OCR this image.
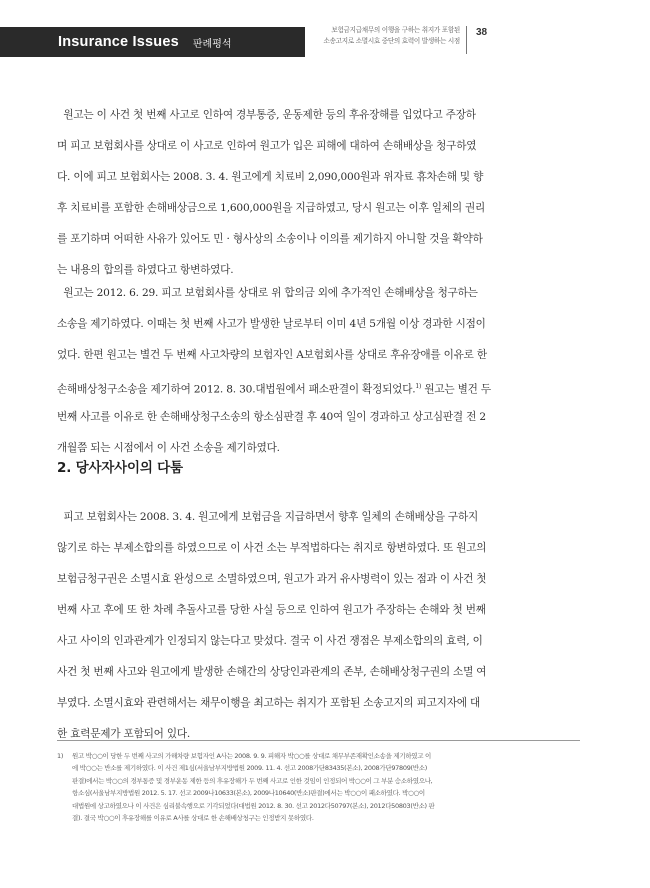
Insurance Issues 판례평석
보험금지급채무의 이행을 구하는 취지가 포함된
소송고지로 소멸시효 중단의 효력이 발생하는 시점
38
원고는 이 사건 첫 번째 사고로 인하여 경부통증, 운동제한 등의 후유장해를 입었다고 주장하
며 피고 보험회사를 상대로 이 사고로 인하여 원고가 입은 피해에 대하여 손해배상을 청구하였
다. 이에 피고 보험회사는 2008. 3. 4. 원고에게 치료비 2,090,000원과 위자료 휴차손해 및 향
후 치료비를 포함한 손해배상금으로 1,600,000원을 지급하였고, 당시 원고는 이후 일체의 권리
를 포기하며 어떠한 사유가 있어도 민 · 형사상의 소송이나 이의를 제기하지 아니할 것을 확약하
는 내용의 합의를 하였다고 항변하였다.
원고는 2012. 6. 29. 피고 보험회사를 상대로 위 합의금 외에 추가적인 손해배상을 청구하는
소송을 제기하였다. 이때는 첫 번째 사고가 발생한 날로부터 이미 4년 5개월 이상 경과한 시점이
었다. 한편 원고는 별건 두 번째 사고차량의 보험자인 A보험회사를 상대로 후유장애를 이유로 한
손해배상청구소송을 제기하여 2012. 8. 30.대법원에서 패소판결이 확정되었다.$^{1)}$ 원고는 별건 두
번째 사고를 이유로 한 손해배상청구소송의 항소심판결 후 40여 일이 경과하고 상고심판결 전 2
개월쯤 되는 시점에서 이 사건 소송을 제기하였다.
2. 당사자사이의 다툼
피고 보험회사는 2008. 3. 4. 원고에게 보험금을 지급하면서 향후 일체의 손해배상을 구하지
않기로 하는 부제소합의를 하였으므로 이 사건 소는 부적법하다는 취지로 항변하였다. 또 원고의
보험금청구권은 소멸시효 완성으로 소멸하였으며, 원고가 과거 유사병력이 있는 점과 이 사건 첫
번째 사고 후에 또 한 차례 추돌사고를 당한 사실 등으로 인하여 원고가 주장하는 손해와 첫 번째
사고 사이의 인과관계가 인정되지 않는다고 맞섰다. 결국 이 사건 쟁점은 부제소합의의 효력, 이
사건 첫 번째 사고와 원고에게 발생한 손해간의 상당인과관계의 존부, 손해배상청구권의 소멸 여
부였다. 소멸시효와 관련해서는 채무이행을 최고하는 취지가 포함된 소송고지의 피고지자에 대
한 효력문제가 포함되어 있다.
1)	원고 박○○이 당한 두 번째 사고의 가해차량 보험자인 A사는 2008. 9. 9. 피해자 박○○를 상대로 채무부존재확인소송을 제기하였고 이
에 박○○는 반소를 제기하였다. 이 사건 제1심(서울남부지방법원 2009. 11. 4. 선고 2008가단83435(본소), 2008가단97809(반소)
판결)에서는 박○○의 경부통증 및 경부운동 제한 등의 후유장해가 두 번째 사고로 인한 것임이 인정되어 박○○이 그 부분 승소하였으나,
항소심(서울남부지방법원 2012. 5. 17. 선고 2009나10633(본소), 2009나10640(반소)판결)에서는 박○○이 패소하였다. 박○○이
대법원에 상고하였으나 이 사건은 심리불속행으로 기각되었다(대법원 2012. 8. 30. 선고 2012다50797(본소), 2012다50803(반소) 판
결). 결국 박○○이 후유장해를 이유로 A사를 상대로 한 손해배상청구는 인정받지 못하였다.
